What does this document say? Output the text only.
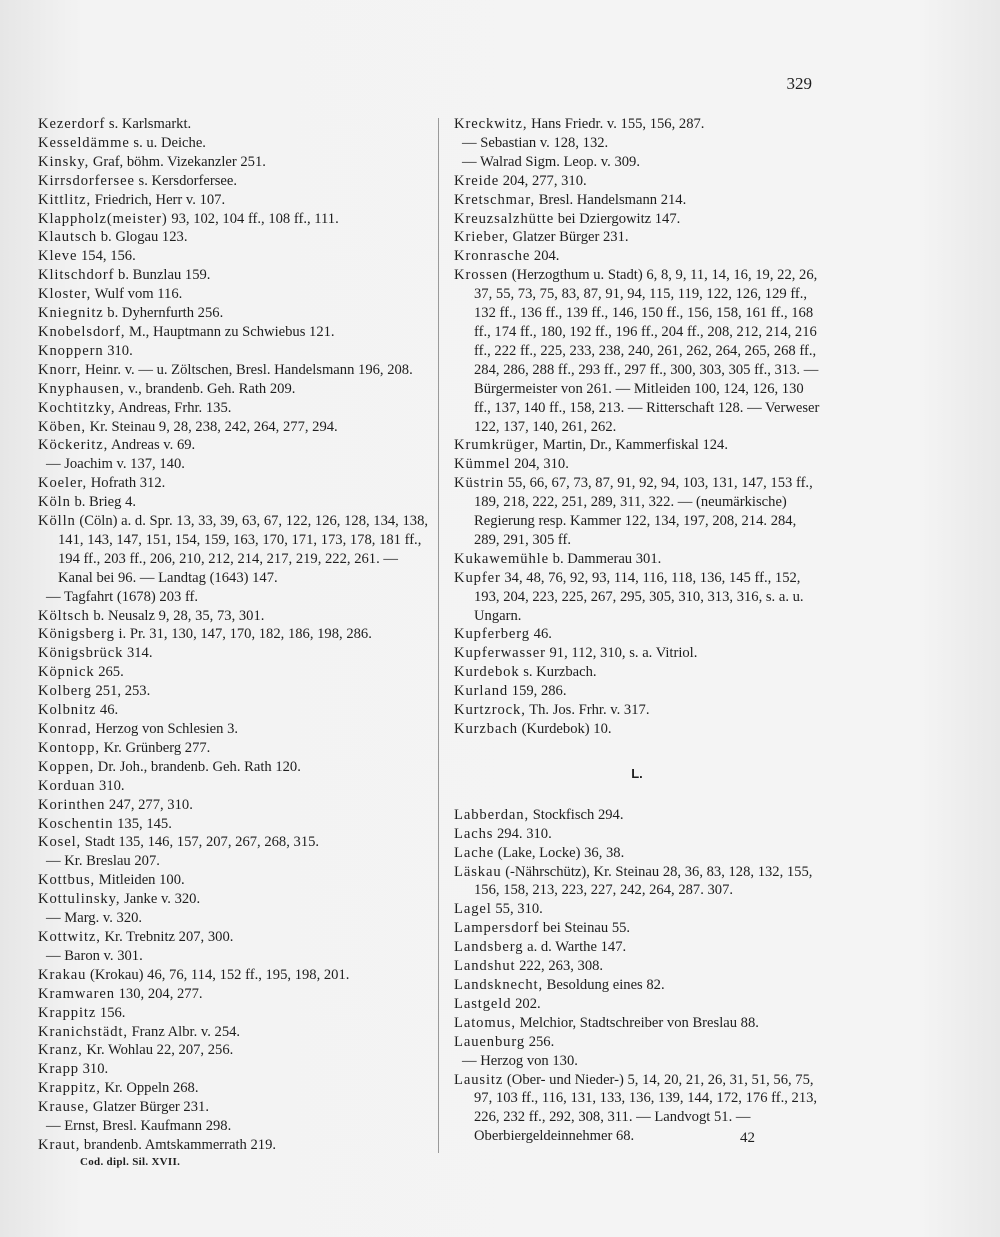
329

Kezerdorf s. Karlsmarkt.

Kesseldämme s. u. Deiche.

Kinsky, Graf, böhm. Vizekanzler 251.

Kirrsdorfersee s. Kersdorfersee.

Kittlitz, Friedrich, Herr v. 107.

Klappholz(meister) 93, 102, 104 ff., 108 ff., 111.

Klautsch b. Glogau 123.

Kleve 154, 156.

Klitschdorf b. Bunzlau 159.

Kloster, Wulf vom 116.

Kniegnitz b. Dyhernfurth 256.

Knobelsdorf, M., Hauptmann zu Schwiebus 121.

Knoppern 310.

Knorr, Heinr. v. — u. Zöltschen, Bresl. Handelsmann 196, 208.

Knyphausen, v., brandenb. Geh. Rath 209.

Kochtitzky, Andreas, Frhr. 135.

Köben, Kr. Steinau 9, 28, 238, 242, 264, 277, 294.

Köckeritz, Andreas v. 69.

— Joachim v. 137, 140.

Koeler, Hofrath 312.

Köln b. Brieg 4.

Kölln (Cöln) a. d. Spr. 13, 33, 39, 63, 67, 122, 126, 128, 134, 138, 141, 143, 147, 151, 154, 159, 163, 170, 171, 173, 178, 181 ff., 194 ff., 203 ff., 206, 210, 212, 214, 217, 219, 222, 261. — Kanal bei 96. — Landtag (1643) 147.

— Tagfahrt (1678) 203 ff.

Költsch b. Neusalz 9, 28, 35, 73, 301.

Königsberg i. Pr. 31, 130, 147, 170, 182, 186, 198, 286.

Königsbrück 314.

Köpnick 265.

Kolberg 251, 253.

Kolbnitz 46.

Konrad, Herzog von Schlesien 3.

Kontopp, Kr. Grünberg 277.

Koppen, Dr. Joh., brandenb. Geh. Rath 120.

Korduan 310.

Korinthen 247, 277, 310.

Koschentin 135, 145.

Kosel, Stadt 135, 146, 157, 207, 267, 268, 315.

— Kr. Breslau 207.

Kottbus, Mitleiden 100.

Kottulinsky, Janke v. 320.

— Marg. v. 320.

Kottwitz, Kr. Trebnitz 207, 300.

— Baron v. 301.

Krakau (Krokau) 46, 76, 114, 152 ff., 195, 198, 201.

Kramwaren 130, 204, 277.

Krappitz 156.

Kranichstädt, Franz Albr. v. 254.

Kranz, Kr. Wohlau 22, 207, 256.

Krapp 310.

Krappitz, Kr. Oppeln 268.

Krause, Glatzer Bürger 231.

— Ernst, Bresl. Kaufmann 298.

Kraut, brandenb. Amtskammerrath 219.

Kreckwitz, Hans Friedr. v. 155, 156, 287.

— Sebastian v. 128, 132.

— Walrad Sigm. Leop. v. 309.

Kreide 204, 277, 310.

Kretschmar, Bresl. Handelsmann 214.

Kreuzsalzhütte bei Dziergowitz 147.

Krieber, Glatzer Bürger 231.

Kronrasche 204.

Krossen (Herzogthum u. Stadt) 6, 8, 9, 11, 14, 16, 19, 22, 26, 37, 55, 73, 75, 83, 87, 91, 94, 115, 119, 122, 126, 129 ff., 132 ff., 136 ff., 139 ff., 146, 150 ff., 156, 158, 161 ff., 168 ff., 174 ff., 180, 192 ff., 196 ff., 204 ff., 208, 212, 214, 216 ff., 222 ff., 225, 233, 238, 240, 261, 262, 264, 265, 268 ff., 284, 286, 288 ff., 293 ff., 297 ff., 300, 303, 305 ff., 313. — Bürgermeister von 261. — Mitleiden 100, 124, 126, 130 ff., 137, 140 ff., 158, 213. — Ritterschaft 128. — Verweser 122, 137, 140, 261, 262.

Krumkrüger, Martin, Dr., Kammerfiskal 124.

Kümmel 204, 310.

Küstrin 55, 66, 67, 73, 87, 91, 92, 94, 103, 131, 147, 153 ff., 189, 218, 222, 251, 289, 311, 322. — (neumärkische) Regierung resp. Kammer 122, 134, 197, 208, 214. 284, 289, 291, 305 ff.

Kukawemühle b. Dammerau 301.

Kupfer 34, 48, 76, 92, 93, 114, 116, 118, 136, 145 ff., 152, 193, 204, 223, 225, 267, 295, 305, 310, 313, 316, s. a. u. Ungarn.

Kupferberg 46.

Kupferwasser 91, 112, 310, s. a. Vitriol.

Kurdebok s. Kurzbach.

Kurland 159, 286.

Kurtzrock, Th. Jos. Frhr. v. 317.

Kurzbach (Kurdebok) 10.

L.

Labberdan, Stockfisch 294.

Lachs 294. 310.

Lache (Lake, Locke) 36, 38.

Läskau (-Nährschütz), Kr. Steinau 28, 36, 83, 128, 132, 155, 156, 158, 213, 223, 227, 242, 264, 287. 307.

Lagel 55, 310.

Lampersdorf bei Steinau 55.

Landsberg a. d. Warthe 147.

Landshut 222, 263, 308.

Landsknecht, Besoldung eines 82.

Lastgeld 202.

Latomus, Melchior, Stadtschreiber von Breslau 88.

Lauenburg 256.

— Herzog von 130.

Lausitz (Ober- und Nieder-) 5, 14, 20, 21, 26, 31, 51, 56, 75, 97, 103 ff., 116, 131, 133, 136, 139, 144, 172, 176 ff., 213, 226, 232 ff., 292, 308, 311. — Landvogt 51. — Oberbiergeldeinnehmer 68.	42
Cod. dipl. Sil. XVII.
